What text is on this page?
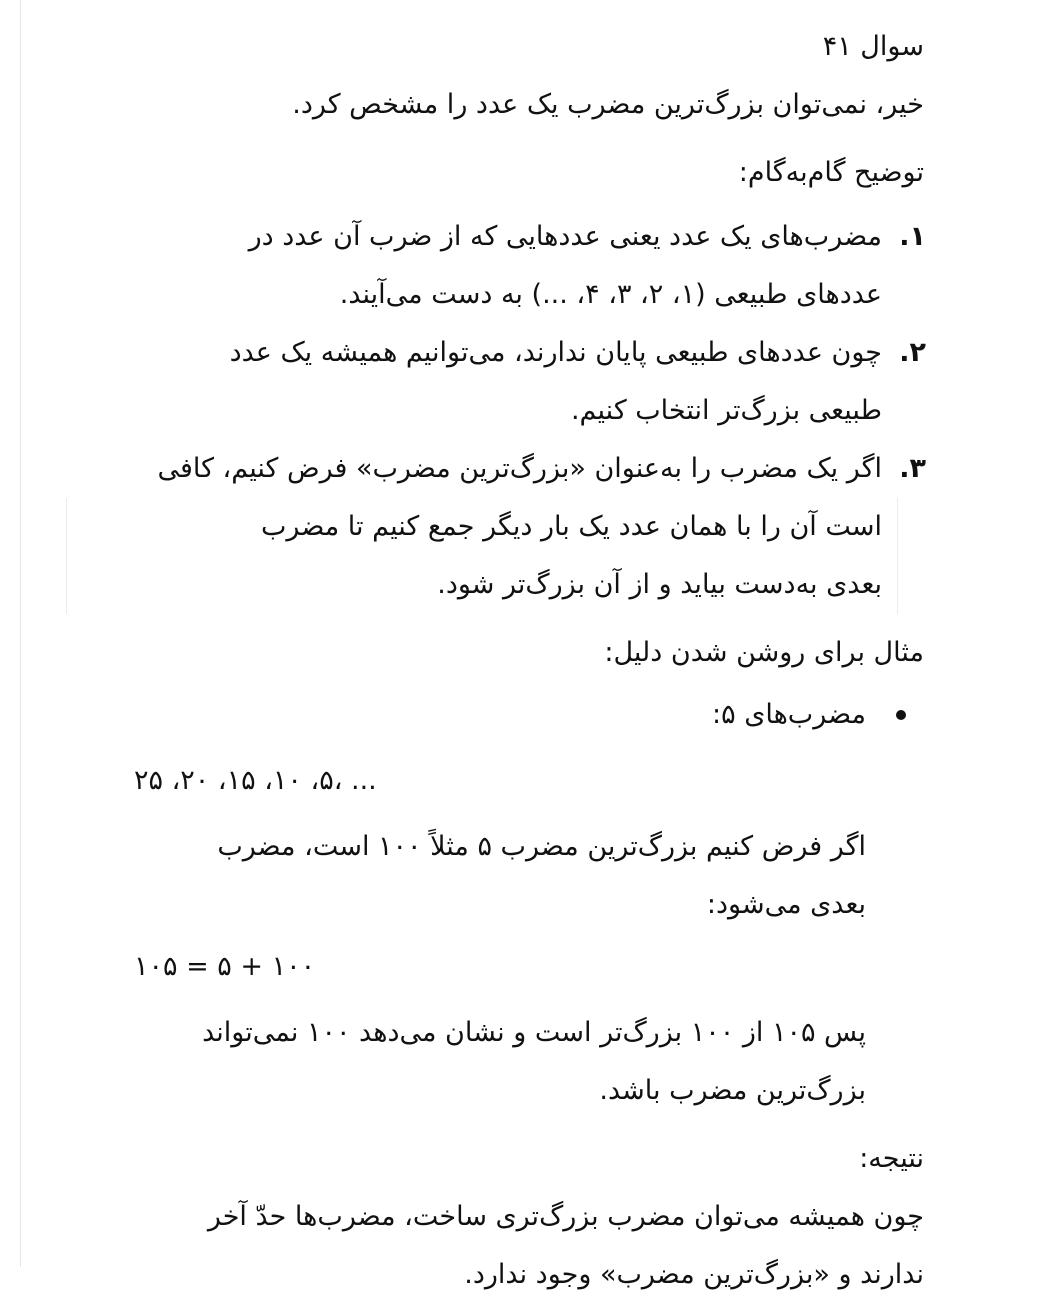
سوال ۴۱

خیر، نمی‌توان بزرگ‌ترین مضرب یک عدد را مشخص کرد.

توضیح گام‌به‌گام:

۱.

مضرب‌های یک عدد یعنی عددهایی که از ضرب آن عدد در

عددهای طبیعی (۱، ۲، ۳، ۴، ...) به دست می‌آیند.

۲.

چون عددهای طبیعی پایان ندارند، می‌توانیم همیشه یک عدد

طبیعی بزرگ‌تر انتخاب کنیم.

۳.

اگر یک مضرب را به‌عنوان «بزرگ‌ترین مضرب» فرض کنیم، کافی

است آن را با همان عدد یک بار دیگر جمع کنیم تا مضرب

بعدی به‌دست بیاید و از آن بزرگ‌تر شود.

مثال برای روشن شدن دلیل:

مضرب‌های ۵:

۲۵ ،۲۰ ،۱۵ ،۱۰ ،۵، ...

اگر فرض کنیم بزرگ‌ترین مضرب ۵ مثلاً ۱۰۰ است، مضرب

بعدی می‌شود:

۱۰۵ = ۵ + ۱۰۰

پس ۱۰۵ از ۱۰۰ بزرگ‌تر است و نشان می‌دهد ۱۰۰ نمی‌تواند

بزرگ‌ترین مضرب باشد.

نتیجه:

چون همیشه می‌توان مضرب بزرگ‌تری ساخت، مضرب‌ها حدّ آخر

ندارند و «بزرگ‌ترین مضرب» وجود ندارد.
